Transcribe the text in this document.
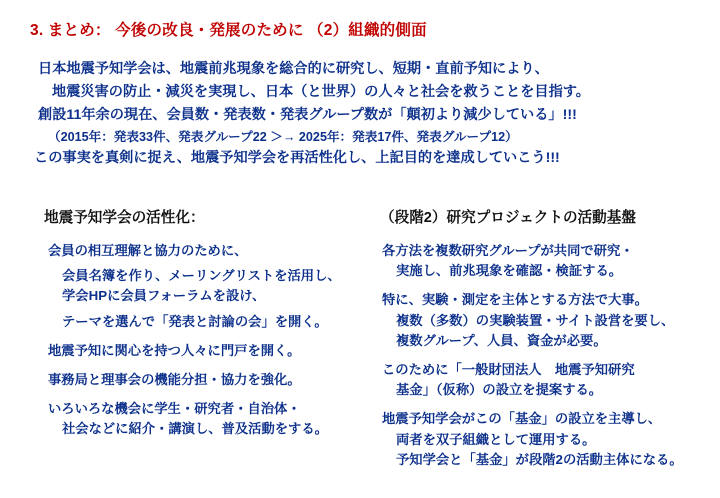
3. まとめ： 今後の改良・発展のために （2）組織的側面
日本地震予知学会は、地震前兆現象を総合的に研究し、短期・直前予知により、
地震災害の防止・減災を実現し、日本（と世界）の人々と社会を救うことを目指す。
創設11年余の現在、会員数・発表数・発表グループ数が「顛初より減少している」!!!
（2015年：発表33件、発表グループ22 ＞→ 2025年：発表17件、発表グループ12）
この事実を真剣に捉え、地震予知学会を再活性化し、上記目的を達成していこう!!!
地震予知学会の活性化：
会員の相互理解と協力のために、
会員名簿を作り、メーリングリストを活用し、
学会HPに会員フォーラムを設け、
テーマを選んで「発表と討論の会」を開く。
地震予知に関心を持つ人々に門戸を開く。
事務局と理事会の機能分担・協力を強化。
いろいろな機会に学生・研究者・自治体・
社会などに紹介・講演し、普及活動をする。
（段階2）研究プロジェクトの活動基盤
各方法を複数研究グループが共同で研究・
実施し、前兆現象を確認・検証する。
特に、実験・測定を主体とする方法で大事。
複数（多数）の実験装置・サイト設営を要し、
複数グループ、人員、資金が必要。
このために「一般財団法人　地震予知研究
基金」（仮称）の設立を提案する。
地震予知学会がこの「基金」の設立を主導し、
両者を双子組織として運用する。
予知学会と「基金」が段階2の活動主体になる。
